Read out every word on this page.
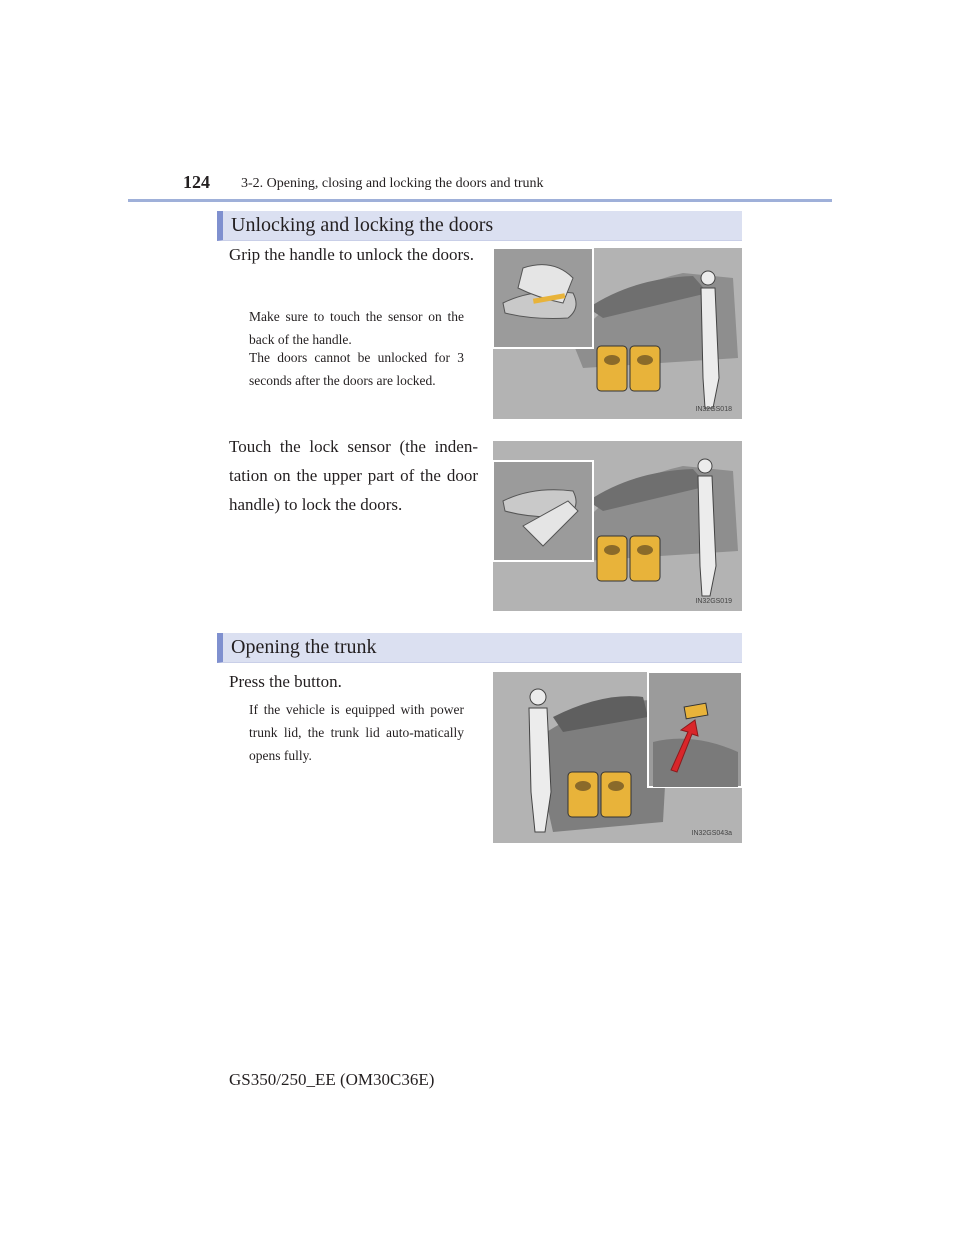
124 3-2. Opening, closing and locking the doors and trunk
Unlocking and locking the doors
Grip the handle to unlock the doors.
Make sure to touch the sensor on the back of the handle.
The doors cannot be unlocked for 3 seconds after the doors are locked.
IN32GS018
Touch the lock sensor (the inden-tation on the upper part of the door handle) to lock the doors.
IN32GS019
Opening the trunk
Press the button.
If the vehicle is equipped with power trunk lid, the trunk lid auto-matically opens fully.
IN32GS043a
GS350/250_EE (OM30C36E)
